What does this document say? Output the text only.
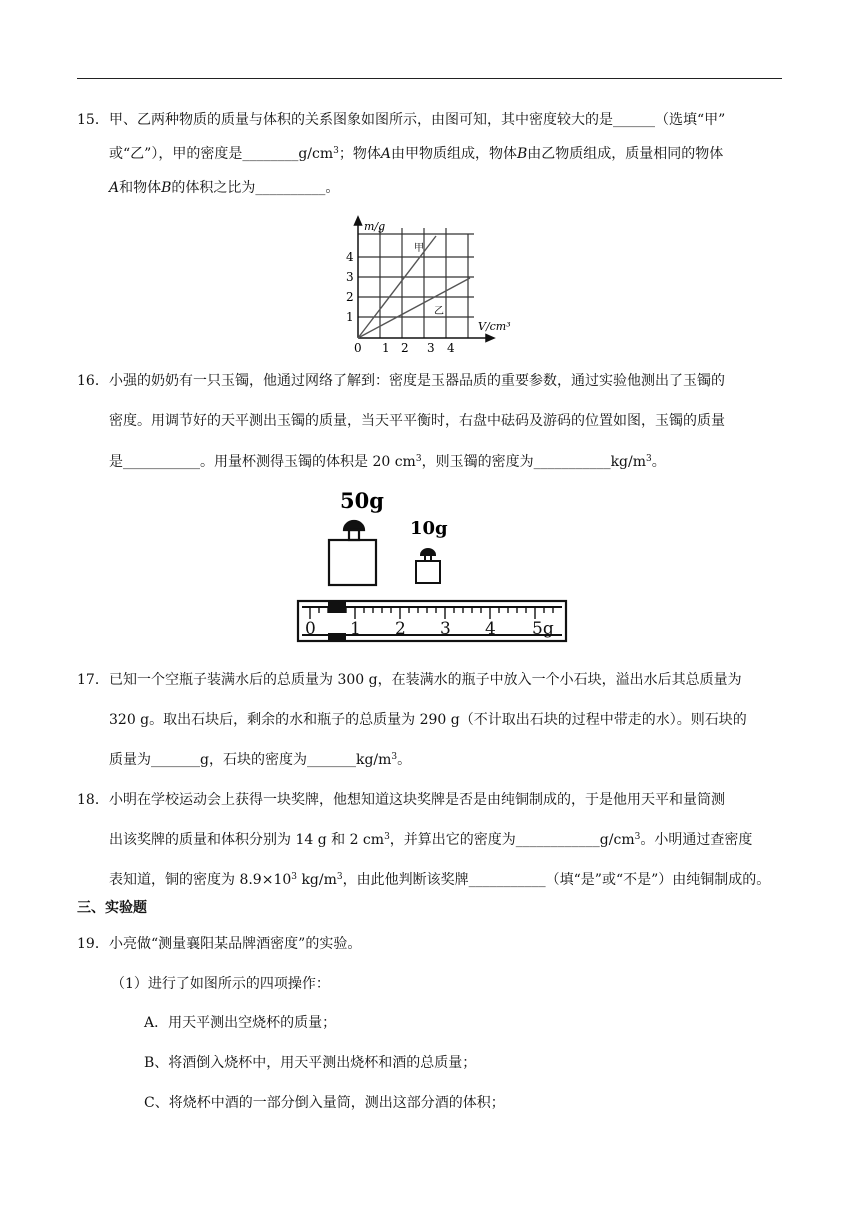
15．甲、乙两种物质的质量与体积的关系图象如图所示，由图可知，其中密度较大的是______（选填“甲”
或“乙”），甲的密度是$\_\_\_\_\_\_\_\_g/cm^3$；物体A由甲物质组成，物体B由乙物质组成，质量相同的物体
A和物体B的体积之比为__________。
m/g
V/cm³
甲
乙
1
2
3
4
0 1 2 3 4
16．小强的奶奶有一只玉镯，他通过网络了解到：密度是玉器品质的重要参数，通过实验他测出了玉镯的
密度。用调节好的天平测出玉镯的质量，当天平平衡时，右盘中砝码及游码的位置如图，玉镯的质量
是___________。用量杯测得玉镯的体积是 20 $cm^3$，则玉镯的密度为$\_\_\_\_\_\_\_\_\_\_\_kg/m^3$。
50g
10g
0 1 2 3 4 5g
17．已知一个空瓶子装满水后的总质量为 300 g，在装满水的瓶子中放入一个小石块，溢出水后其总质量为
320 g。取出石块后，剩余的水和瓶子的总质量为 290 g（不计取出石块的过程中带走的水）。则石块的
质量为_______g，石块的密度为$\_\_\_\_\_\_\_kg/m^3$。
18．小明在学校运动会上获得一块奖牌，他想知道这块奖牌是否是由纯铜制成的，于是他用天平和量筒测
出该奖牌的质量和体积分别为 14 g 和 2 $cm^3$，并算出它的密度为$\_\_\_\_\_\_\_\_\_\_\_\_g/cm^3$。小明通过查密度
表知道，铜的密度为 $8.9\times 10^3$ $kg/m^3$，由此他判断该奖牌___________（填“是”或“不是”）由纯铜制成的。
三、实验题
19．小亮做“测量襄阳某品牌酒密度”的实验。
（1）进行了如图所示的四项操作：
A．用天平测出空烧杯的质量；
B、将酒倒入烧杯中，用天平测出烧杯和酒的总质量；
C、将烧杯中酒的一部分倒入量筒，测出这部分酒的体积；
